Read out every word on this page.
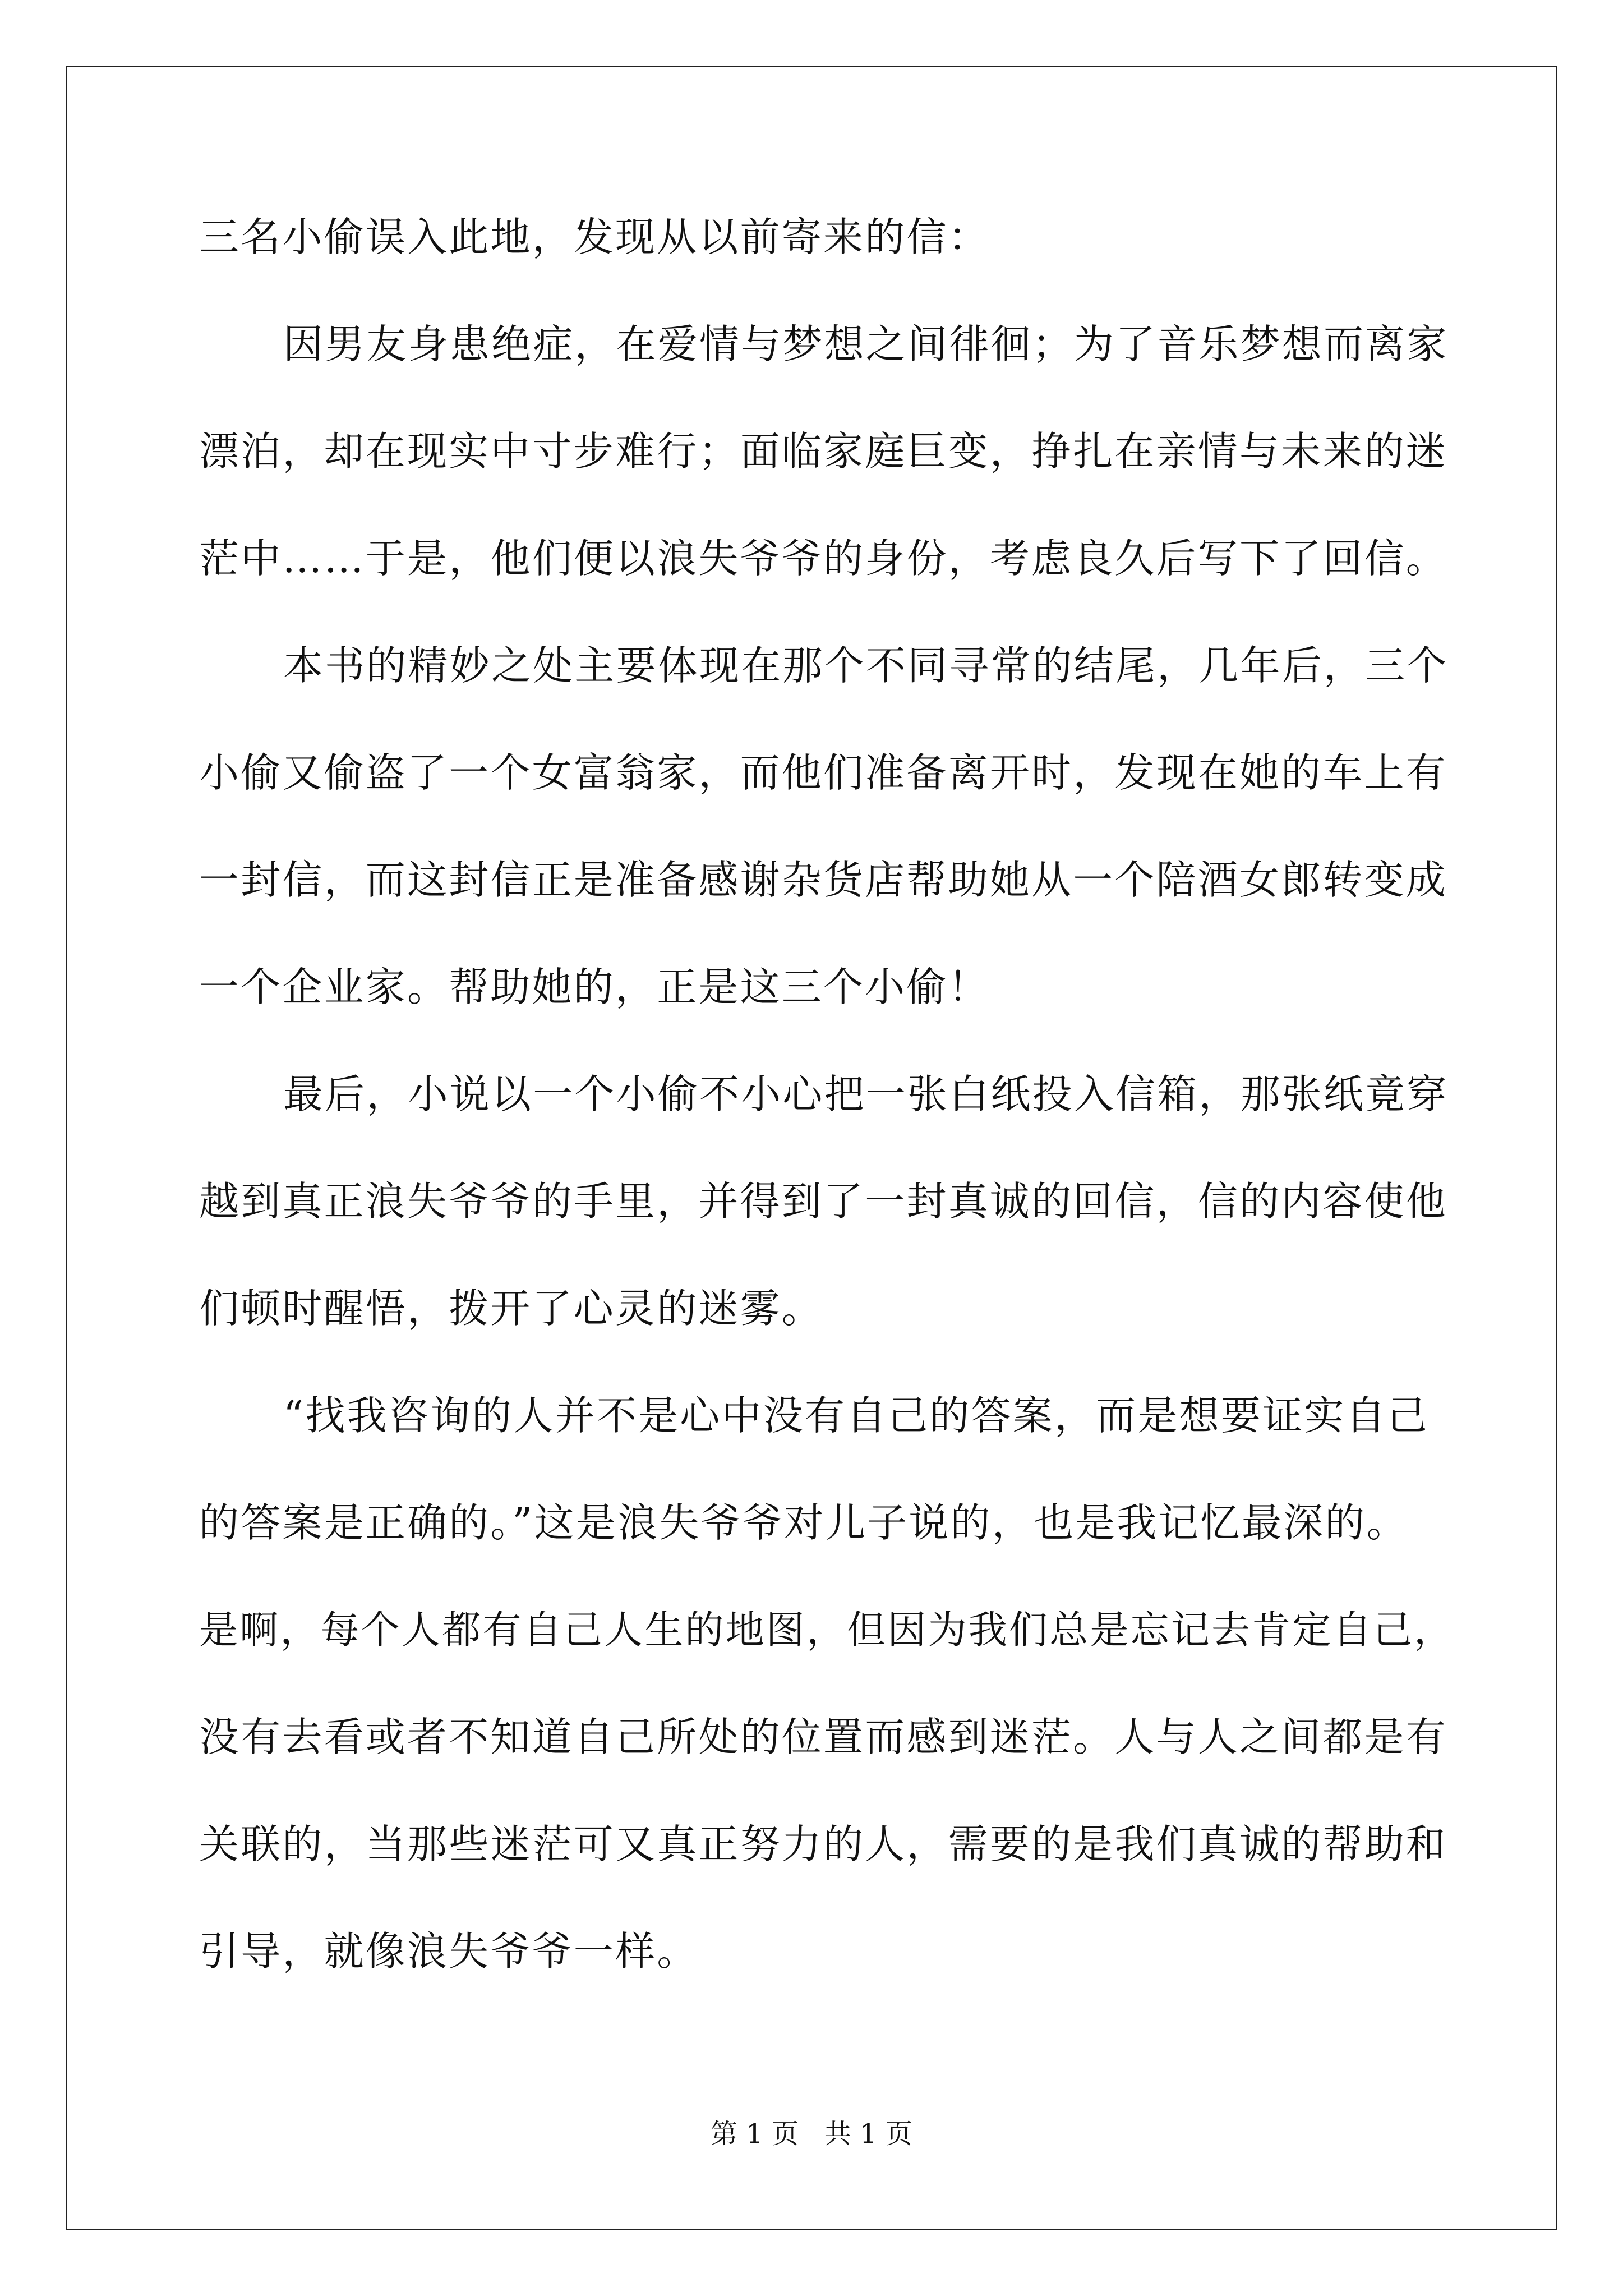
三名小偷误入此地，发现从以前寄来的信：
因男友身患绝症，在爱情与梦想之间徘徊；为了音乐梦想而离家
漂泊，却在现实中寸步难行；面临家庭巨变，挣扎在亲情与未来的迷
茫中……于是，他们便以浪失爷爷的身份，考虑良久后写下了回信。
本书的精妙之处主要体现在那个不同寻常的结尾，几年后，三个
小偷又偷盗了一个女富翁家，而他们准备离开时，发现在她的车上有
一封信，而这封信正是准备感谢杂货店帮助她从一个陪酒女郎转变成
一个企业家。帮助她的，正是这三个小偷！
最后，小说以一个小偷不小心把一张白纸投入信箱，那张纸竟穿
越到真正浪失爷爷的手里，并得到了一封真诚的回信，信的内容使他
们顿时醒悟，拨开了心灵的迷雾。
“找我咨询的人并不是心中没有自己的答案，而是想要证实自己
的答案是正确的。”这是浪失爷爷对儿子说的，也是我记忆最深的。
是啊，每个人都有自己人生的地图，但因为我们总是忘记去肯定自己，
没有去看或者不知道自己所处的位置而感到迷茫。人与人之间都是有
关联的，当那些迷茫可又真正努力的人，需要的是我们真诚的帮助和
引导，就像浪失爷爷一样。
第 1 页   共 1 页
